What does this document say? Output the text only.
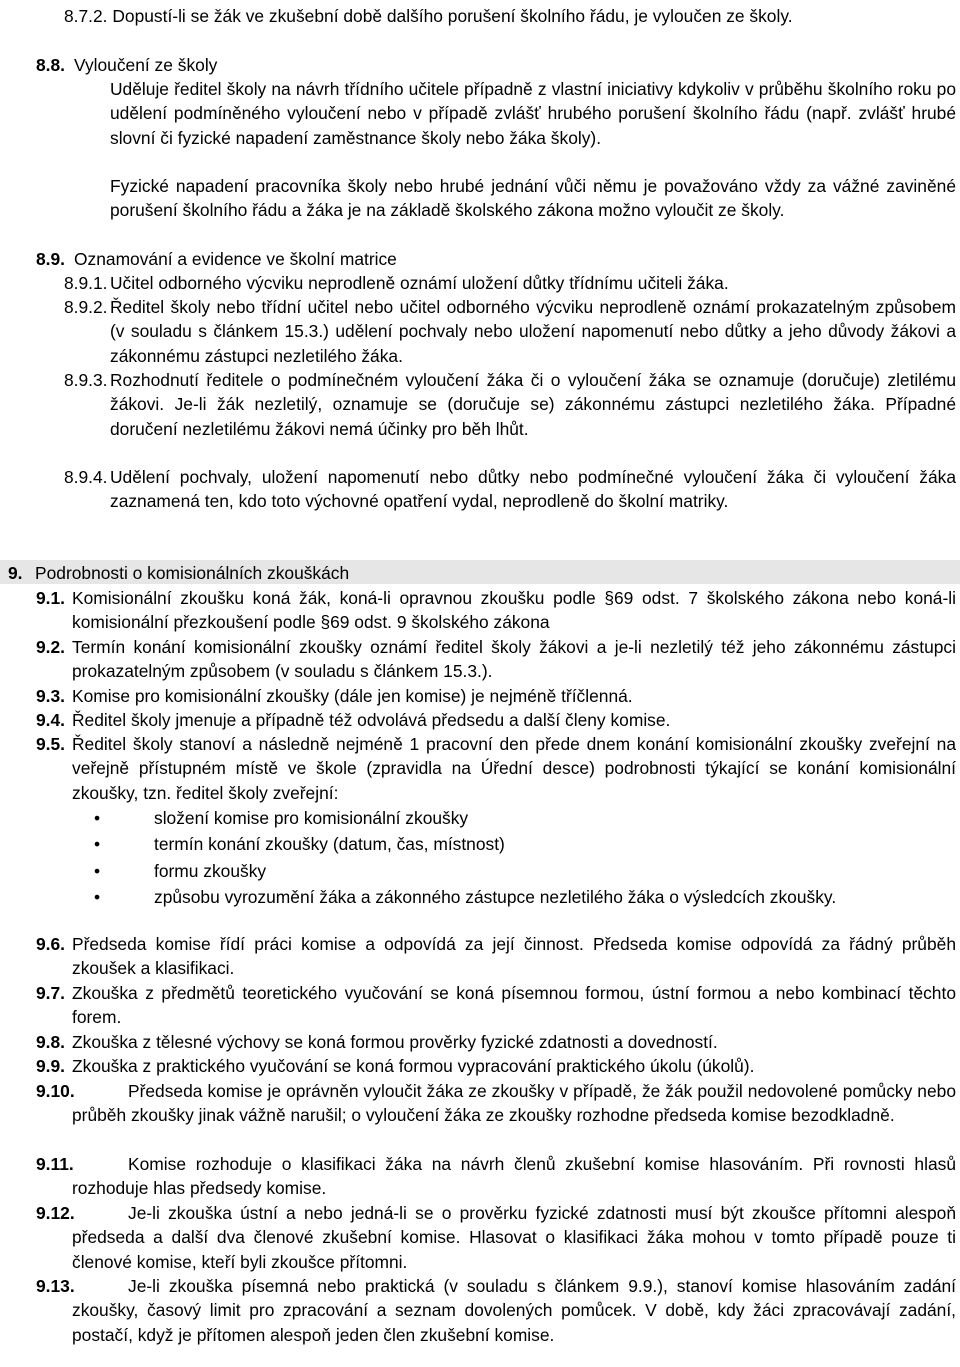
8.7.2. Dopustí-li se žák ve zkušební době dalšího porušení školního řádu, je vyloučen ze školy.
8.8. Vyloučení ze školy
Uděluje ředitel školy na návrh třídního učitele případně z vlastní iniciativy kdykoliv v průběhu školního roku po udělení podmíněného vyloučení nebo v případě zvlášť hrubého porušení školního řádu (např. zvlášť hrubé slovní či fyzické napadení zaměstnance školy nebo žáka školy).
Fyzické napadení pracovníka školy nebo hrubé jednání vůči němu je považováno vždy za vážné zaviněné porušení školního řádu a žáka je na základě školského zákona možno vyloučit ze školy.
8.9. Oznamování a evidence ve školní matrice
8.9.1. Učitel odborného výcviku neprodleně oznámí uložení důtky třídnímu učiteli žáka.
8.9.2. Ředitel školy nebo třídní učitel nebo učitel odborného výcviku neprodleně oznámí prokazatelným způsobem (v souladu s článkem 15.3.) udělení pochvaly nebo uložení napomenutí nebo důtky a jeho důvody žákovi a zákonnému zástupci nezletilého žáka.
8.9.3. Rozhodnutí ředitele o podmínečném vyloučení žáka či o vyloučení žáka se oznamuje (doručuje) zletilému žákovi. Je-li žák nezletilý, oznamuje se (doručuje se) zákonnému zástupci nezletilého žáka. Případné doručení nezletilému žákovi nemá účinky pro běh lhůt.
8.9.4. Udělení pochvaly, uložení napomenutí nebo důtky nebo podmínečné vyloučení žáka či vyloučení žáka zaznamená ten, kdo toto výchovné opatření vydal, neprodleně do školní matriky.
9. Podrobnosti o komisionálních zkouškách
9.1. Komisionální zkoušku koná žák, koná-li opravnou zkoušku podle §69 odst. 7 školského zákona nebo koná-li komisionální přezkoušení podle §69 odst. 9 školského zákona
9.2. Termín konání komisionální zkoušky oznámí ředitel školy žákovi a je-li nezletilý též jeho zákonnému zástupci prokazatelným způsobem (v souladu s článkem 15.3.).
9.3. Komise pro komisionální zkoušky (dále jen komise) je nejméně tříčlenná.
9.4. Ředitel školy jmenuje a případně též odvolává předsedu a další členy komise.
9.5. Ředitel školy stanoví a následně nejméně 1 pracovní den přede dnem konání komisionální zkoušky zveřejní na veřejně přístupném místě ve škole (zpravidla na Úřední desce) podrobnosti týkající se konání komisionální zkoušky, tzn. ředitel školy zveřejní:
• složení komise pro komisionální zkoušky
• termín konání zkoušky (datum, čas, místnost)
• formu zkoušky
• způsobu vyrozumění žáka a zákonného zástupce nezletilého žáka o výsledcích zkoušky.
9.6. Předseda komise řídí práci komise a odpovídá za její činnost. Předseda komise odpovídá za řádný průběh zkoušek a klasifikaci.
9.7. Zkouška z předmětů teoretického vyučování se koná písemnou formou, ústní formou a nebo kombinací těchto forem.
9.8. Zkouška z tělesné výchovy se koná formou prověrky fyzické zdatnosti a dovedností.
9.9. Zkouška z praktického vyučování se koná formou vypracování praktického úkolu (úkolů).
9.10.	Předseda komise je oprávněn vyloučit žáka ze zkoušky v případě, že žák použil nedovolené pomůcky nebo průběh zkoušky jinak vážně narušil; o vyloučení žáka ze zkoušky rozhodne předseda komise bezodkladně.
9.11.	Komise rozhoduje o klasifikaci žáka na návrh členů zkušební komise hlasováním. Při rovnosti hlasů rozhoduje hlas předsedy komise.
9.12.	Je-li zkouška ústní a nebo jedná-li se o prověrku fyzické zdatnosti musí být zkoušce přítomni alespoň předseda a další dva členové zkušební komise. Hlasovat o klasifikaci žáka mohou v tomto případě pouze ti členové komise, kteří byli zkoušce přítomni.
9.13.	Je-li zkouška písemná nebo praktická (v souladu s článkem 9.9.), stanoví komise hlasováním zadání zkoušky, časový limit pro zpracování a seznam dovolených pomůcek. V době, kdy žáci zpracovávají zadání, postačí, když je přítomen alespoň jeden člen zkušební komise.
